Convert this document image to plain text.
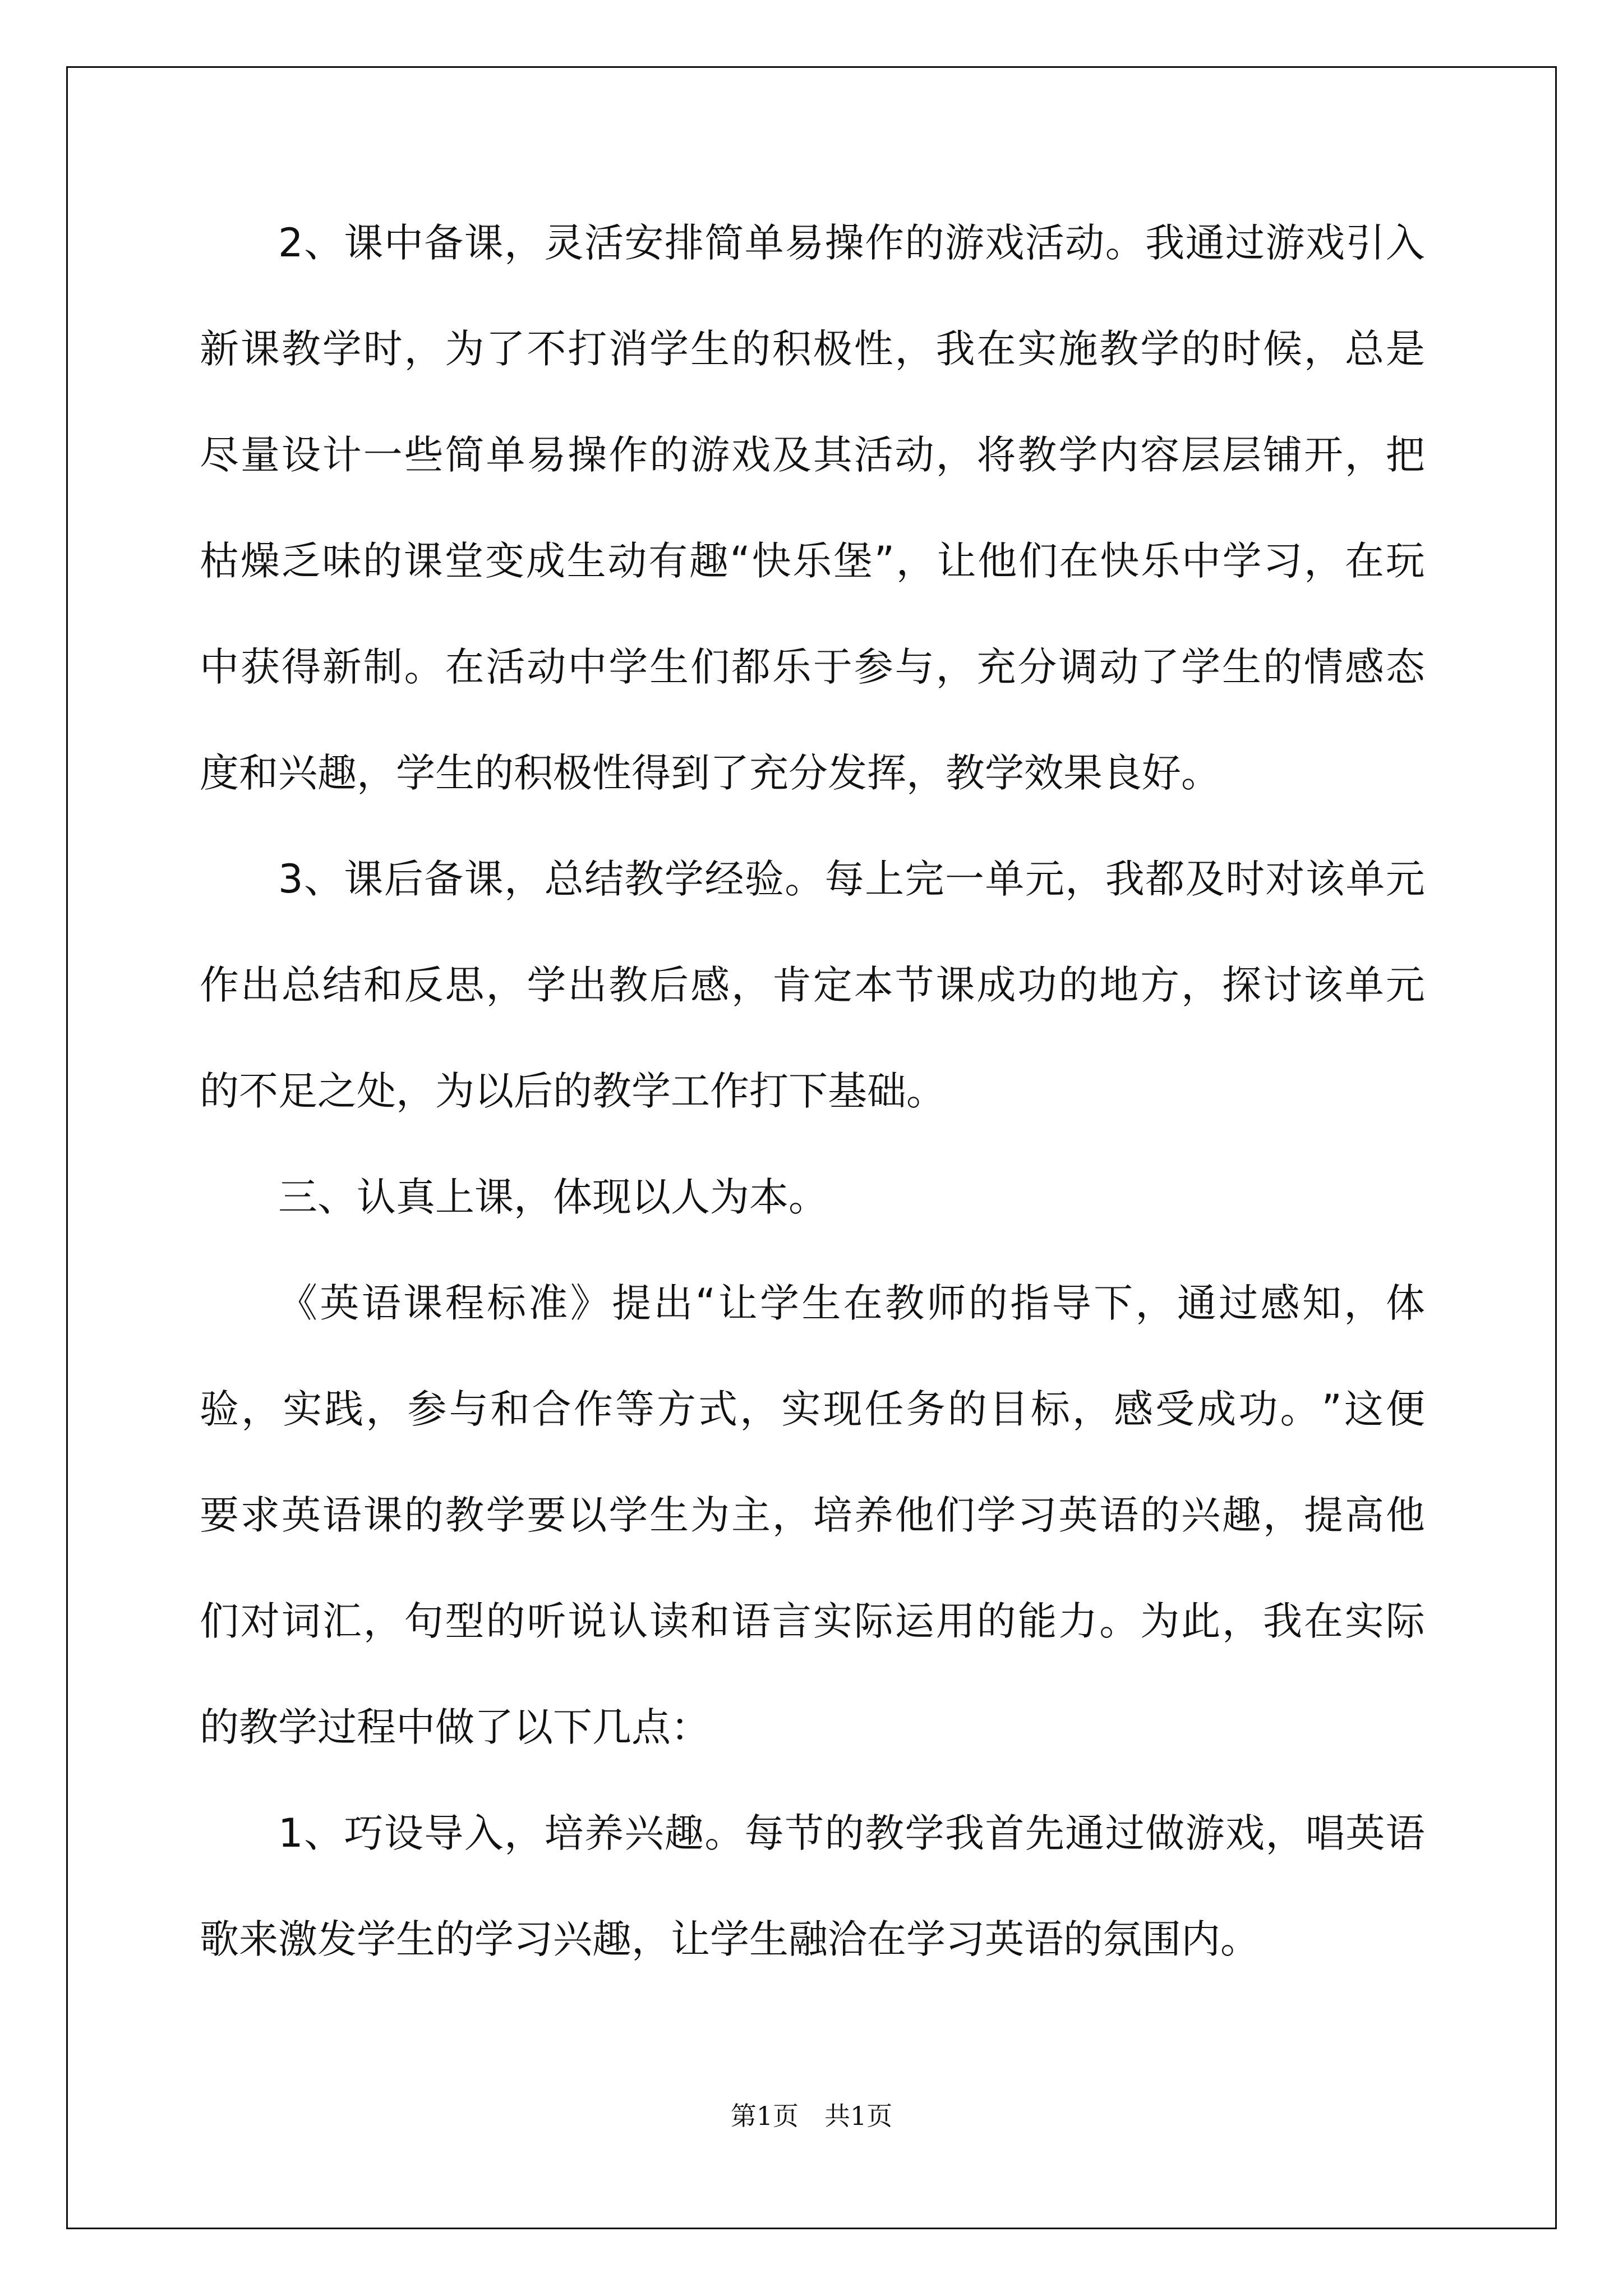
2 、 课 中 备 课 ， 灵 活 安 排 简 单 易 操 作 的 游 戏 活 动 。 我 通 过 游 戏 引 入
新 课 教 学 时 ， 为 了 不 打 消 学 生 的 积 极 性 ， 我 在 实 施 教 学 的 时 候 ， 总 是
尽 量 设 计 一 些 简 单 易 操 作 的 游 戏 及 其 活 动 ， 将 教 学 内 容 层 层 铺 开 ， 把
枯 燥 乏 味 的 课 堂 变 成 生 动 有 趣 “ 快 乐 堡 ” ， 让 他 们 在 快 乐 中 学 习 ， 在 玩
中 获 得 新 制 。 在 活 动 中 学 生 们 都 乐 于 参 与 ， 充 分 调 动 了 学 生 的 情 感 态
度和兴趣，学生的积极性得到了充分发挥，教学效果良好。
3 、 课 后 备 课 ， 总 结 教 学 经 验 。 每 上 完 一 单 元 ， 我 都 及 时 对 该 单 元
作 出 总 结 和 反 思 ， 学 出 教 后 感 ， 肯 定 本 节 课 成 功 的 地 方 ， 探 讨 该 单 元
的不足之处，为以后的教学工作打下基础。
三、认真上课，体现以人为本。
《 英 语 课 程 标 准 》 提 出 “ 让 学 生 在 教 师 的 指 导 下 ， 通 过 感 知 ， 体
验 ， 实 践 ， 参 与 和 合 作 等 方 式 ， 实 现 任 务 的 目 标 ， 感 受 成 功 。 ” 这 便
要 求 英 语 课 的 教 学 要 以 学 生 为 主 ， 培 养 他 们 学 习 英 语 的 兴 趣 ， 提 高 他
们 对 词 汇 ， 句 型 的 听 说 认 读 和 语 言 实 际 运 用 的 能 力 。 为 此 ， 我 在 实 际
的教学过程中做了以下几点：
1 、 巧 设 导 入 ， 培 养 兴 趣 。 每 节 的 教 学 我 首 先 通 过 做 游 戏 ， 唱 英 语
歌来激发学生的学习兴趣，让学生融洽在学习英语的氛围内。
第1页　共1页
